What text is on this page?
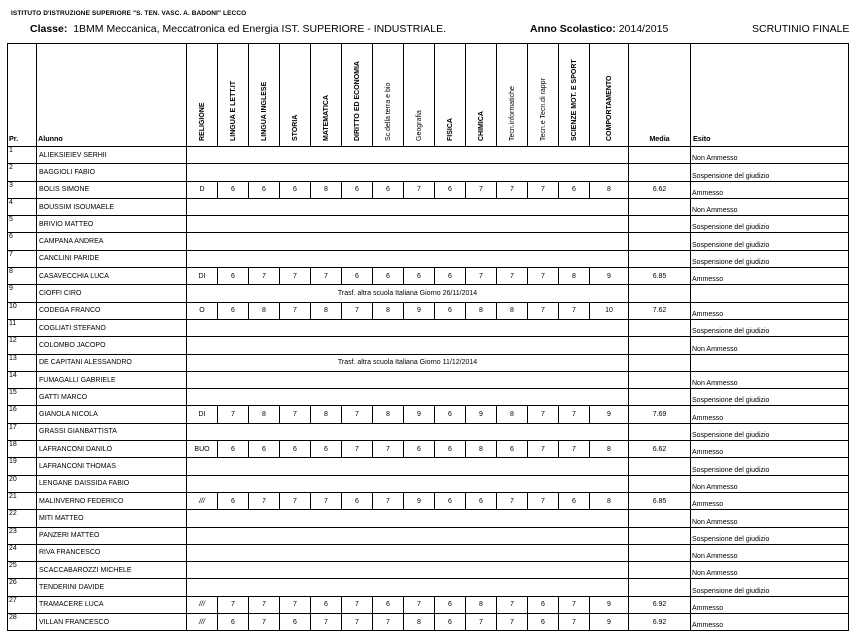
ISTITUTO D'ISTRUZIONE SUPERIORE "S. TEN. VASC. A. BADONI" LECCO
Classe: 1BMM Meccanica, Meccatronica ed Energia IST. SUPERIORE - INDUSTRIALE.	Anno Scolastico: 2014/2015	SCRUTINIO FINALE
Pr.	Alunno	RELIGIONE	LINGUA E LETT.IT	LINGUA INGLESE	STORIA	MATEMATICA	DIRITTO ED ECONOMIA	Sc.della terra e bio	Geografia	FISICA	CHIMICA	Tecn.informatiche	Tecn.e Tecn.di rappr	SCIENZE MOT. E SPORT	COMPORTAMENTO	Media	Esito
1	ALIEKSIEIEV SERHII																Non Ammesso
2	BAGGIOLI FABIO																Sospensione del giudizio
3	BOLIS SIMONE	D	6	6	6	8	6	6	7	6	7	7	7	6	8	6.62	Ammesso
4	BOUSSIM ISOUMAELE																Non Ammesso
5	BRIVIO MATTEO																Sospensione del giudizio
6	CAMPANA ANDREA																Sospensione del giudizio
7	CANCLINI PARIDE																Sospensione del giudizio
8	CASAVECCHIA LUCA	DI	6	7	7	7	6	6	6	6	7	7	7	8	9	6.85	Ammesso
9	CIOFFI CIRO	Trasf. altra scuola Italiana Giorno 26/11/2014															
10	CODEGA FRANCO	O	6	8	7	8	7	8	9	6	8	8	7	7	10	7.62	Ammesso
11	COGLIATI STEFANO																Sospensione del giudizio
12	COLOMBO JACOPO																Non Ammesso
13	DE CAPITANI ALESSANDRO	Trasf. altra scuola Italiana Giorno 11/12/2014															
14	FUMAGALLI GABRIELE																Non Ammesso
15	GATTI MARCO																Sospensione del giudizio
16	GIANOLA NICOLA	DI	7	8	7	8	7	8	9	6	9	8	7	7	9	7.69	Ammesso
17	GRASSI GIANBATTISTA																Sospensione del giudizio
18	LAFRANCONI DANILO	BUO	6	6	6	6	7	7	6	6	8	6	7	7	8	6.62	Ammesso
19	LAFRANCONI THOMAS																Sospensione del giudizio
20	LENGANE DAISSIDA FABIO																Non Ammesso
21	MALINVERNO FEDERICO	///	6	7	7	7	6	7	9	6	6	7	7	6	8	6.85	Ammesso
22	MITI MATTEO																Non Ammesso
23	PANZERI MATTEO																Sospensione del giudizio
24	RIVA FRANCESCO																Non Ammesso
25	SCACCABAROZZI MICHELE																Non Ammesso
26	TENDERINI DAVIDE																Sospensione del giudizio
27	TRAMACERE LUCA	///	7	7	7	6	7	6	7	6	8	7	6	7	9	6.92	Ammesso
28	VILLAN FRANCESCO	///	6	7	6	7	7	7	8	6	7	7	6	7	9	6.92	Ammesso
